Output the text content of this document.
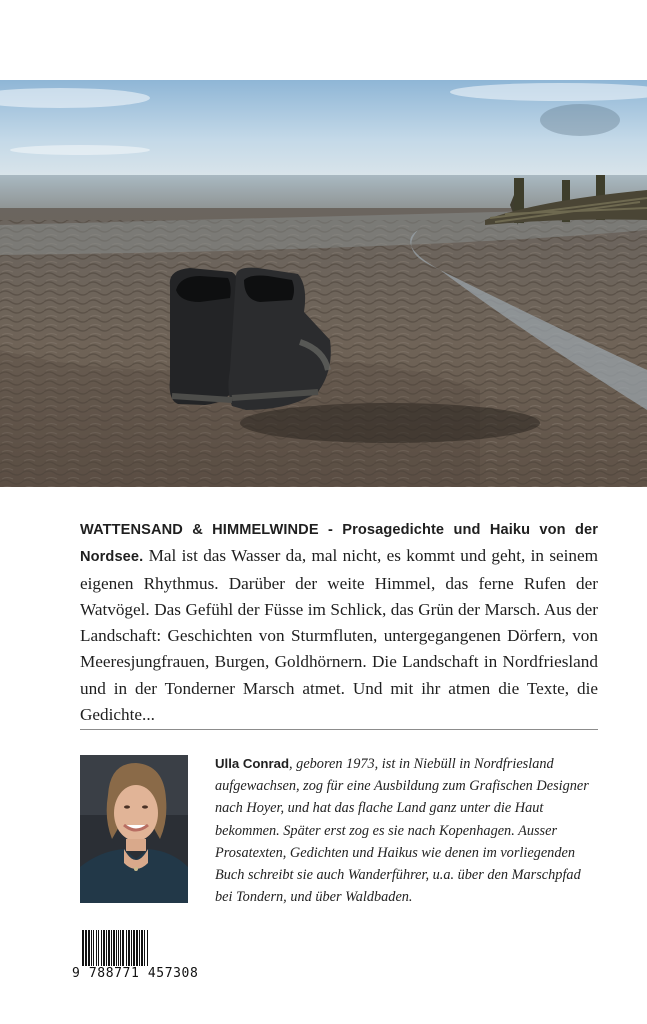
WATTENSAND & HIMMELWINDE - Prosagedichte und Haiku von der Nordsee. Mal ist das Wasser da, mal nicht, es kommt und geht, in seinem eigenen Rhythmus. Darüber der weite Himmel, das ferne Rufen der Watvögel. Das Gefühl der Füsse im Schlick, das Grün der Marsch. Aus der Landschaft: Geschichten von Sturmfluten, untergegangenen Dörfern, von Meeresjungfrauen, Burgen, Goldhörnern. Die Landschaft in Nordfriesland und in der Tonderner Marsch atmet. Und mit ihr atmen die Texte, die Gedichte...
Ulla Conrad, geboren 1973, ist in Niebüll in Nordfriesland aufgewachsen, zog für eine Ausbildung zum Grafischen Designer nach Hoyer, und hat das flache Land ganz unter die Haut bekommen. Später erst zog es sie nach Kopenhagen. Ausser Prosatexten, Gedichten und Haikus wie denen im vorliegenden Buch schreibt sie auch Wanderführer, u.a. über den Marschpfad bei Tondern, und über Waldbaden.
9 788771 457308
